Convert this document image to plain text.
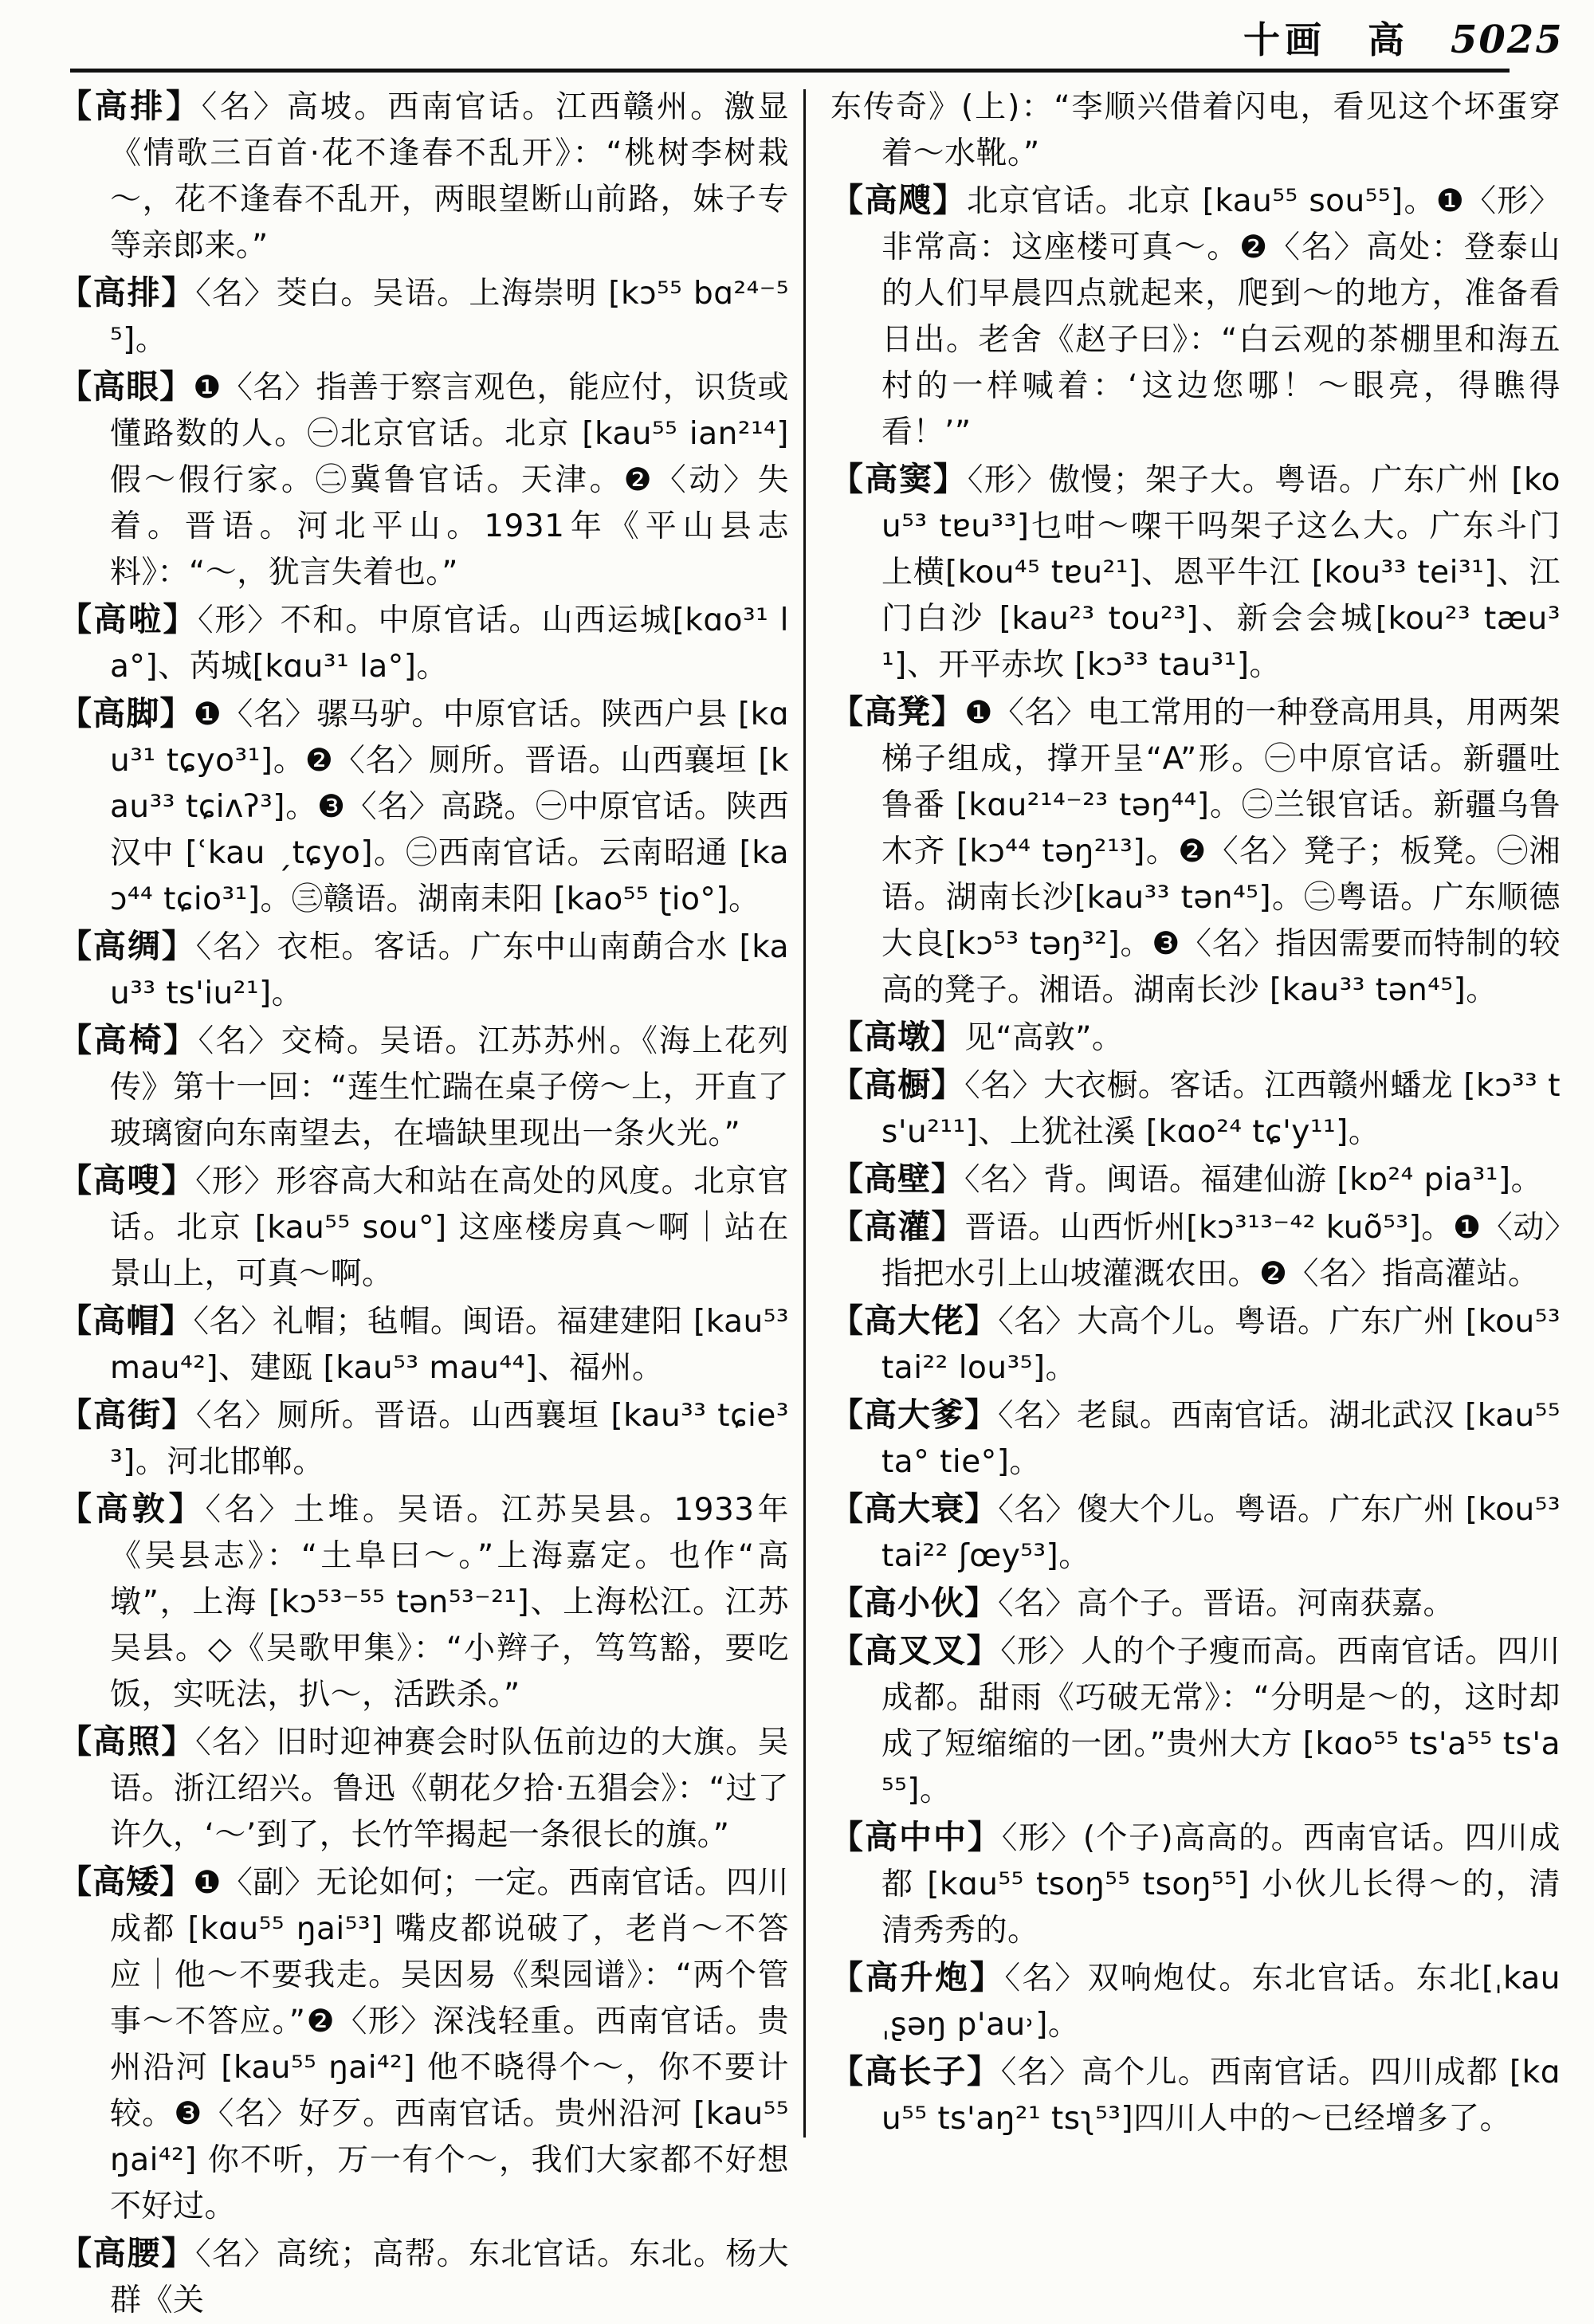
十画 高 5025

【高排】〈名〉高坡。西南官话。江西赣州。激显《情歌三百首·花不逢春不乱开》：“桃树李树栽～，花不逢春不乱开，两眼望断山前路，妹子专等亲郎来。”

【高排】〈名〉茭白。吴语。上海崇明 [kɔ⁵⁵ bɑ²⁴⁻⁵⁵]。

【高眼】❶〈名〉指善于察言观色，能应付，识货或懂路数的人。㊀北京官话。北京 [kau⁵⁵ ian²¹⁴] 假～假行家。㊁冀鲁官话。天津。❷〈动〉失着。晋语。河北平山。1931年《平山县志料》：“～，犹言失着也。”

【高啦】〈形〉不和。中原官话。山西运城[kɑo³¹ la°]、芮城[kɑu³¹ la°]。

【高脚】❶〈名〉骡马驴。中原官话。陕西户县 [kɑu³¹ tɕyo³¹]。❷〈名〉厕所。晋语。山西襄垣 [kau³³ tɕiʌʔ³]。❸〈名〉高跷。㊀中原官话。陕西汉中 [ʿkau ˏtɕyo]。㊁西南官话。云南昭通 [kaɔ⁴⁴ tɕio³¹]。㊂赣语。湖南耒阳 [kao⁵⁵ ʈio°]。

【高绸】〈名〉衣柜。客话。广东中山南蓢合水 [kau³³ ts'iu²¹]。

【高椅】〈名〉交椅。吴语。江苏苏州。《海上花列传》第十一回：“莲生忙踹在桌子傍～上，开直了玻璃窗向东南望去，在墙缺里现出一条火光。”

【高嗖】〈形〉形容高大和站在高处的风度。北京官话。北京 [kau⁵⁵ sou°] 这座楼房真～啊｜站在景山上，可真～啊。

【高帽】〈名〉礼帽；毡帽。闽语。福建建阳 [kau⁵³ mau⁴²]、建瓯 [kau⁵³ mau⁴⁴]、福州。

【高街】〈名〉厕所。晋语。山西襄垣 [kau³³ tɕie³³]。河北邯郸。

【高敦】〈名〉土堆。吴语。江苏吴县。1933年《吴县志》：“土阜曰～。”上海嘉定。也作“高墩”，上海 [kɔ⁵³⁻⁵⁵ tən⁵³⁻²¹]、上海松江。江苏吴县。◇《吴歌甲集》：“小辫子，笃笃豁，要吃饭，实呒法，扒～，活跌杀。”

【高照】〈名〉旧时迎神赛会时队伍前边的大旗。吴语。浙江绍兴。鲁迅《朝花夕拾·五猖会》：“过了许久，‘～’到了，长竹竿揭起一条很长的旗。”

【高矮】❶〈副〉无论如何；一定。西南官话。四川成都 [kɑu⁵⁵ ŋai⁵³] 嘴皮都说破了，老肖～不答应｜他～不要我走。吴因易《梨园谱》：“两个管事～不答应。”❷〈形〉深浅轻重。西南官话。贵州沿河 [kau⁵⁵ ŋai⁴²] 他不晓得个～，你不要计较。❸〈名〉好歹。西南官话。贵州沿河 [kau⁵⁵ ŋai⁴²] 你不听，万一有个～，我们大家都不好想不好过。

【高腰】〈名〉高统；高帮。东北官话。东北。杨大群《关

东传奇》(上)：“李顺兴借着闪电，看见这个坏蛋穿着～水靴。”

【高飕】北京官话。北京 [kau⁵⁵ sou⁵⁵]。❶〈形〉非常高：这座楼可真～。❷〈名〉高处：登泰山的人们早晨四点就起来，爬到～的地方，准备看日出。老舍《赵子曰》：“白云观的茶棚里和海五村的一样喊着：‘这边您哪！～眼亮，得瞧得看！’”

【高窦】〈形〉傲慢；架子大。粤语。广东广州 [kou⁵³ tɐu³³]乜咁～㗎干吗架子这么大。广东斗门上横[kou⁴⁵ tɐu²¹]、恩平牛江 [kou³³ tei³¹]、江门白沙 [kau²³ tou²³]、新会会城[kou²³ tæu³¹]、开平赤坎 [kɔ³³ tau³¹]。

【高凳】❶〈名〉电工常用的一种登高用具，用两架梯子组成，撑开呈“A”形。㊀中原官话。新疆吐鲁番 [kɑu²¹⁴⁻²³ təŋ⁴⁴]。㊁兰银官话。新疆乌鲁木齐 [kɔ⁴⁴ təŋ²¹³]。❷〈名〉凳子；板凳。㊀湘语。湖南长沙[kau³³ tən⁴⁵]。㊁粤语。广东顺德大良[kɔ⁵³ təŋ³²]。❸〈名〉指因需要而特制的较高的凳子。湘语。湖南长沙 [kau³³ tən⁴⁵]。

【高墩】见“高敦”。

【高橱】〈名〉大衣橱。客话。江西赣州蟠龙 [kɔ³³ ts'u²¹¹]、上犹社溪 [kɑo²⁴ tɕ'y¹¹]。

【高壁】〈名〉背。闽语。福建仙游 [kɒ²⁴ pia³¹]。

【高灌】晋语。山西忻州[kɔ³¹³⁻⁴² kuõ⁵³]。❶〈动〉指把水引上山坡灌溉农田。❷〈名〉指高灌站。

【高大佬】〈名〉大高个儿。粤语。广东广州 [kou⁵³ tai²² lou³⁵]。

【高大爹】〈名〉老鼠。西南官话。湖北武汉 [kau⁵⁵ ta° tie°]。

【高大衰】〈名〉傻大个儿。粤语。广东广州 [kou⁵³ tai²² ʃœy⁵³]。

【高小伙】〈名〉高个子。晋语。河南获嘉。

【高叉叉】〈形〉人的个子瘦而高。西南官话。四川成都。甜雨《巧破无常》：“分明是～的，这时却成了短缩缩的一团。”贵州大方 [kɑo⁵⁵ ts'a⁵⁵ ts'a⁵⁵]。

【高中中】〈形〉(个子)高高的。西南官话。四川成都 [kɑu⁵⁵ tsoŋ⁵⁵ tsoŋ⁵⁵] 小伙儿长得～的，清清秀秀的。

【高升炮】〈名〉双响炮仗。东北官话。东北[ˌkau ˌʂəŋ p'au˒]。

【高长子】〈名〉高个儿。西南官话。四川成都 [kɑu⁵⁵ ts'aŋ²¹ tsʅ⁵³]四川人中的～已经增多了。
